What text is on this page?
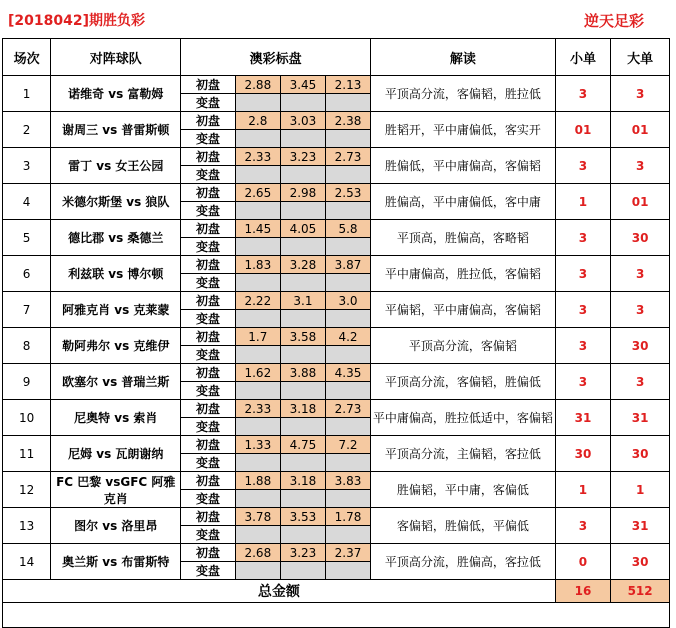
[2018042]期胜负彩	逆天足彩
场次	对阵球队	澳彩标盘				解读	小单	大单
1	诺维奇 vs 富勒姆	初盘	2.88	3.45	2.13	平顶高分流，客偏韬，胜拉低	3	3
		变盘						
2	谢周三 vs 普雷斯顿	初盘	2.8	3.03	2.38	胜韬开，平中庸偏低，客实开	01	01
		变盘						
3	雷丁 vs 女王公园	初盘	2.33	3.23	2.73	胜偏低，平中庸偏高，客偏韬	3	3
		变盘						
4	米德尔斯堡 vs 狼队	初盘	2.65	2.98	2.53	胜偏高，平中庸偏低，客中庸	1	01
		变盘						
5	德比郡 vs 桑德兰	初盘	1.45	4.05	5.8	平顶高，胜偏高，客略韬	3	30
		变盘						
6	利兹联 vs 博尔顿	初盘	1.83	3.28	3.87	平中庸偏高，胜拉低，客偏韬	3	3
		变盘						
7	阿雅克肖 vs 克莱蒙	初盘	2.22	3.1	3.0	平偏韬，平中庸偏高，客偏韬	3	3
		变盘						
8	勒阿弗尔 vs 克维伊	初盘	1.7	3.58	4.2	平顶高分流，客偏韬	3	30
		变盘						
9	欧塞尔 vs 普瑞兰斯	初盘	1.62	3.88	4.35	平顶高分流，客偏韬，胜偏低	3	3
		变盘						
10	尼奥特 vs 索肖	初盘	2.33	3.18	2.73	平中庸偏高，胜拉低适中，客偏韬	31	31
		变盘						
11	尼姆 vs 瓦朗谢纳	初盘	1.33	4.75	7.2	平顶高分流，主偏韬，客拉低	30	30
		变盘						
12	FC 巴黎 vsGFC 阿雅克肖	初盘	1.88	3.18	3.83	胜偏韬，平中庸，客偏低	1	1
		变盘						
13	图尔 vs 洛里昂	初盘	3.78	3.53	1.78	客偏韬，胜偏低，平偏低	3	31
		变盘						
14	奥兰斯 vs 布雷斯特	初盘	2.68	3.23	2.37	平顶高分流，胜偏高，客拉低	0	30
		变盘						
总金额							16	512
